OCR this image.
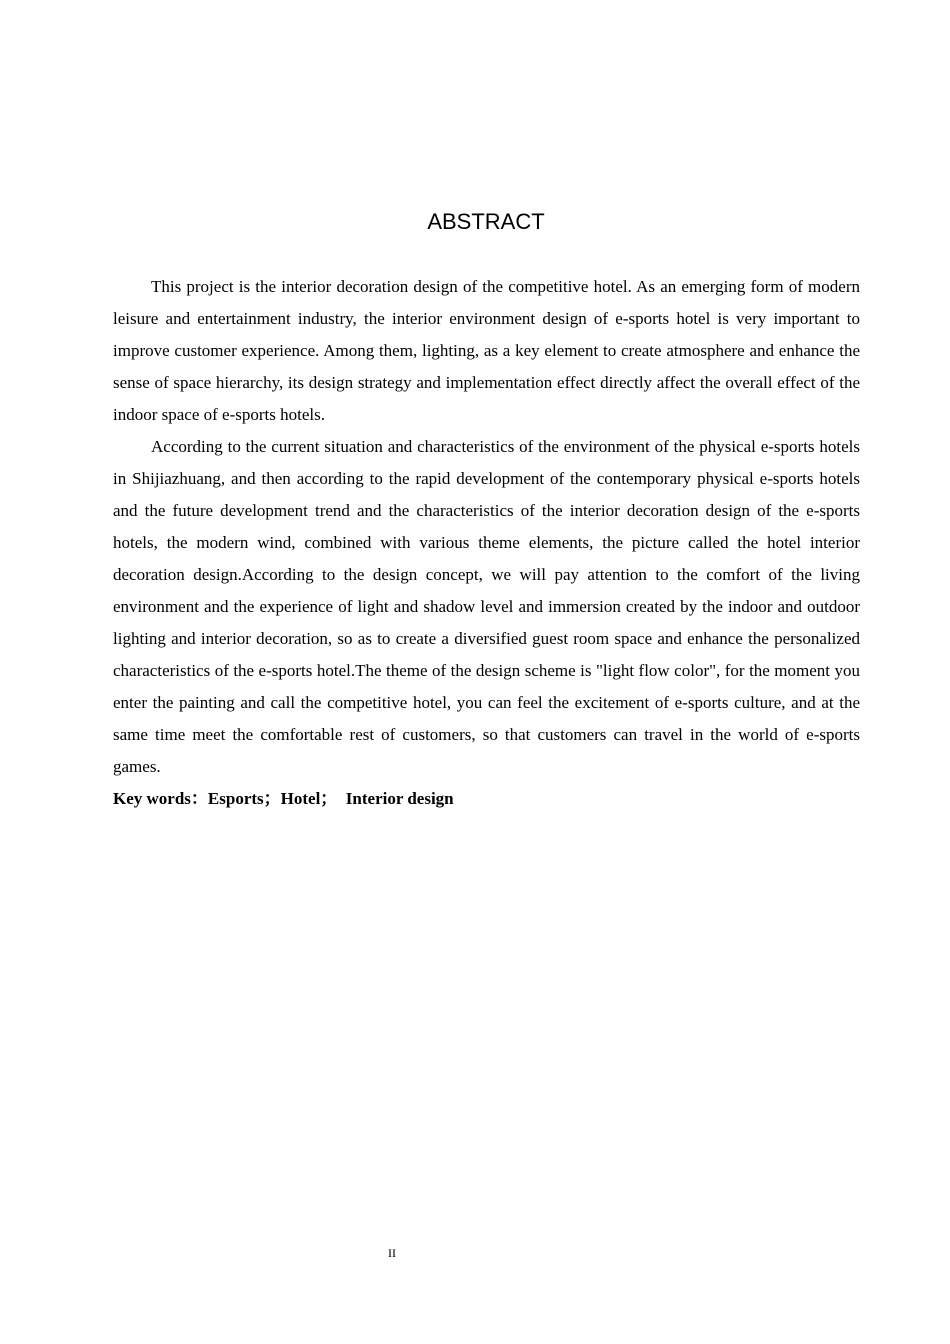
ABSTRACT

This project is the interior decoration design of the competitive hotel. As an emerging form of modern leisure and entertainment industry, the interior environment design of e-sports hotel is very important to improve customer experience. Among them, lighting, as a key element to create atmosphere and enhance the sense of space hierarchy, its design strategy and implementation effect directly affect the overall effect of the indoor space of e-sports hotels.

According to the current situation and characteristics of the environment of the physical e-sports hotels in Shijiazhuang, and then according to the rapid development of the contemporary physical e-sports hotels and the future development trend and the characteristics of the interior decoration design of the e-sports hotels, the modern wind, combined with various theme elements, the picture called the hotel interior decoration design.According to the design concept, we will pay attention to the comfort of the living environment and the experience of light and shadow level and immersion created by the indoor and outdoor lighting and interior decoration, so as to create a diversified guest room space and enhance the personalized characteristics of the e-sports hotel.The theme of the design scheme is "light flow color", for the moment you enter the painting and call the competitive hotel, you can feel the excitement of e-sports culture, and at the same time meet the comfortable rest of customers, so that customers can travel in the world of e-sports games.

Key words：Esports；Hotel；  Interior design

II
